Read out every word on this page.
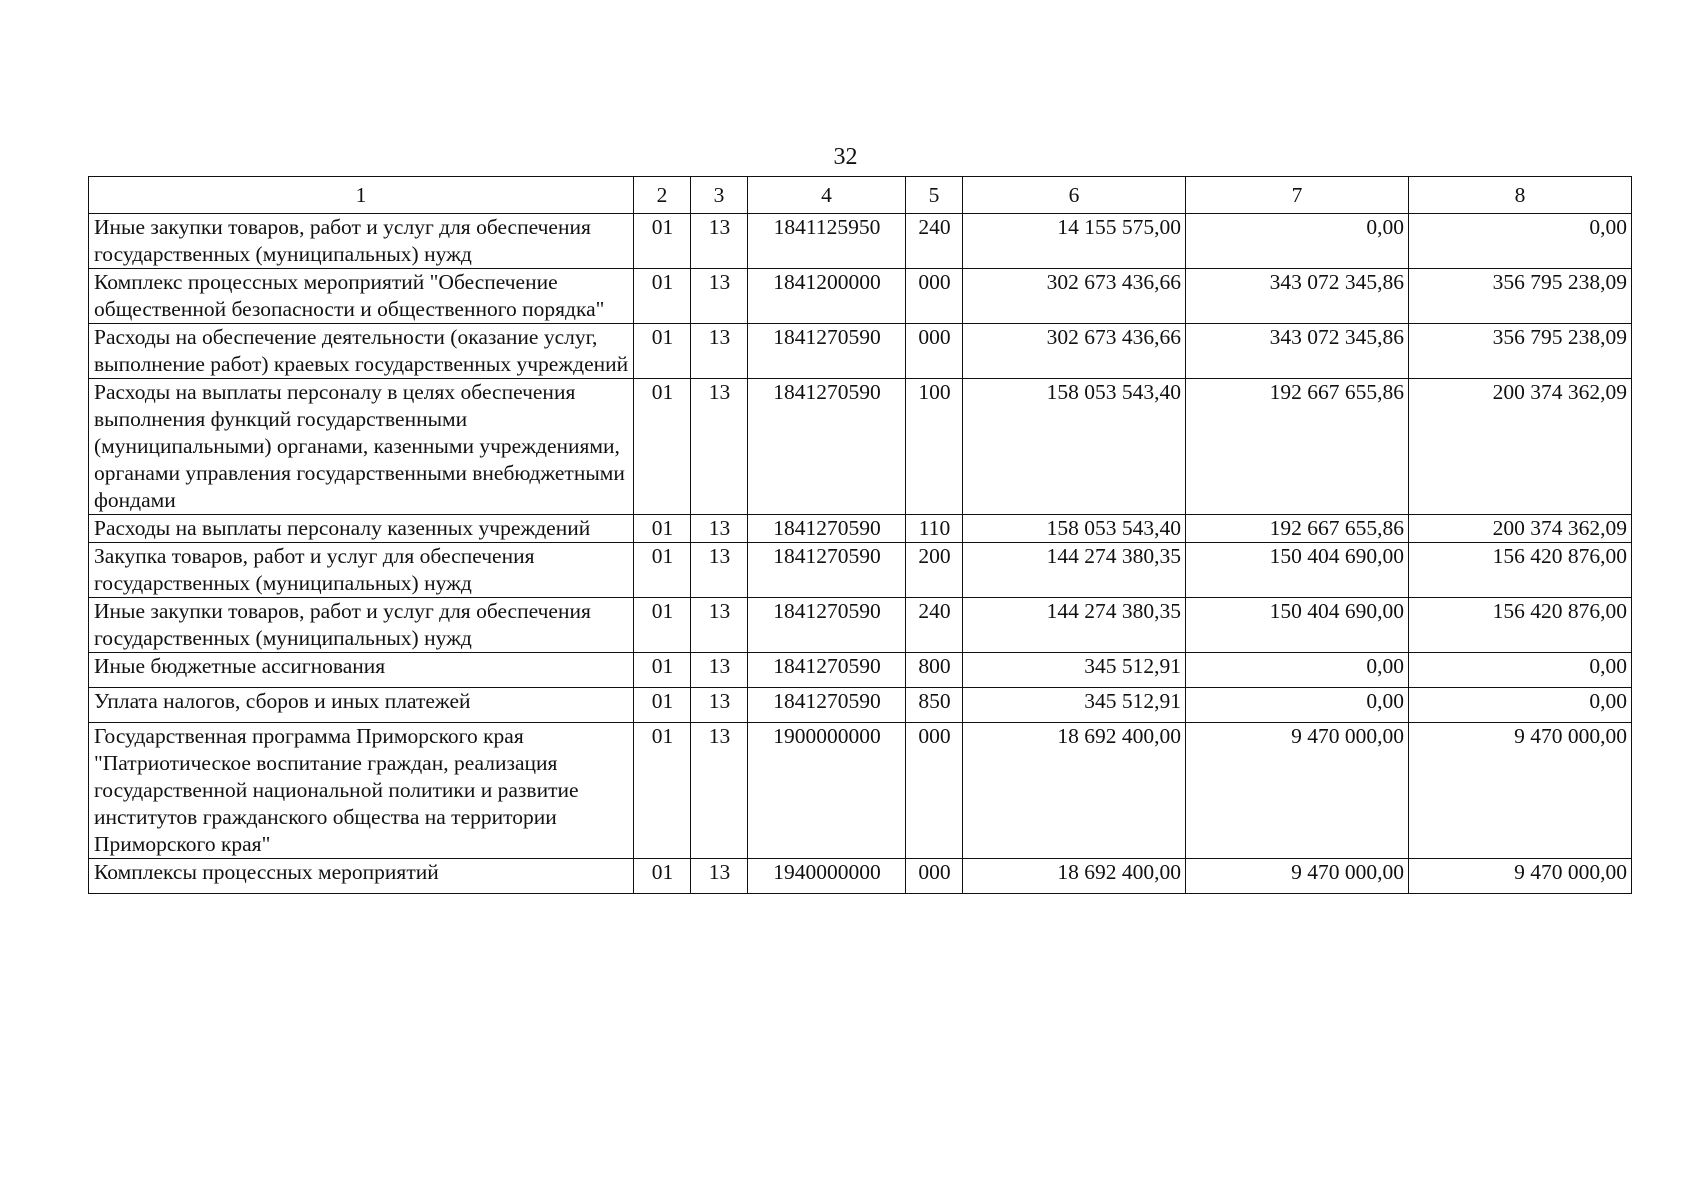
32
1	2	3	4	5	6	7	8
Иные закупки товаров, работ и услуг для обеспечения государственных (муниципальных) нужд	01	13	1841125950	240	14 155 575,00	0,00	0,00
Комплекс процессных мероприятий "Обеспечение общественной безопасности и общественного порядка"	01	13	1841200000	000	302 673 436,66	343 072 345,86	356 795 238,09
Расходы на обеспечение деятельности (оказание услуг, выполнение работ) краевых государственных учреждений	01	13	1841270590	000	302 673 436,66	343 072 345,86	356 795 238,09
Расходы на выплаты персоналу в целях обеспечения выполнения функций государственными (муниципальными) органами, казенными учреждениями, органами управления государственными внебюджетными фондами	01	13	1841270590	100	158 053 543,40	192 667 655,86	200 374 362,09
Расходы на выплаты персоналу казенных учреждений	01	13	1841270590	110	158 053 543,40	192 667 655,86	200 374 362,09
Закупка товаров, работ и услуг для обеспечения государственных (муниципальных) нужд	01	13	1841270590	200	144 274 380,35	150 404 690,00	156 420 876,00
Иные закупки товаров, работ и услуг для обеспечения государственных (муниципальных) нужд	01	13	1841270590	240	144 274 380,35	150 404 690,00	156 420 876,00
Иные бюджетные ассигнования	01	13	1841270590	800	345 512,91	0,00	0,00
Уплата налогов, сборов и иных платежей	01	13	1841270590	850	345 512,91	0,00	0,00
Государственная программа Приморского края "Патриотическое воспитание граждан, реализация государственной национальной политики и развитие институтов гражданского общества на территории Приморского края"	01	13	1900000000	000	18 692 400,00	9 470 000,00	9 470 000,00
Комплексы процессных мероприятий	01	13	1940000000	000	18 692 400,00	9 470 000,00	9 470 000,00
